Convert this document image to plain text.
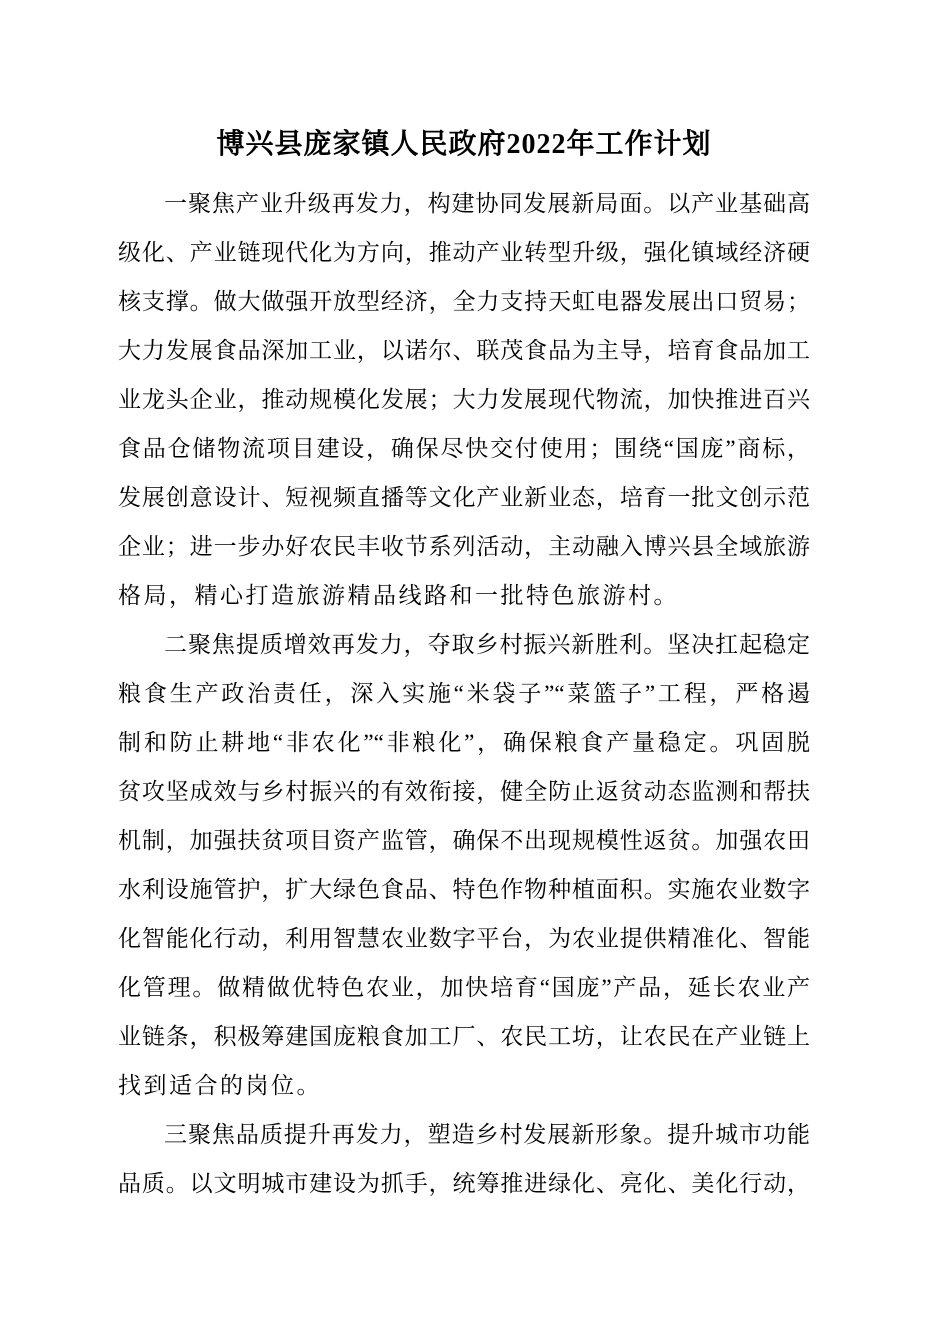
博兴县庞家镇人民政府2022年工作计划
一聚焦产业升级再发力，构建协同发展新局面。以产业基础高
级化、产业链现代化为方向，推动产业转型升级，强化镇域经济硬
核支撑。做大做强开放型经济，全力支持天虹电器发展出口贸易；
大力发展食品深加工业，以诺尔、联茂食品为主导，培育食品加工
业龙头企业，推动规模化发展；大力发展现代物流，加快推进百兴
食品仓储物流项目建设，确保尽快交付使用；围绕“国庞”商标，
发展创意设计、短视频直播等文化产业新业态，培育一批文创示范
企业；进一步办好农民丰收节系列活动，主动融入博兴县全域旅游
格局，精心打造旅游精品线路和一批特色旅游村。
二聚焦提质增效再发力，夺取乡村振兴新胜利。坚决扛起稳定
粮食生产政治责任，深入实施“米袋子”“菜篮子”工程，严格遏
制和防止耕地“非农化”“非粮化”，确保粮食产量稳定。巩固脱
贫攻坚成效与乡村振兴的有效衔接，健全防止返贫动态监测和帮扶
机制，加强扶贫项目资产监管，确保不出现规模性返贫。加强农田
水利设施管护，扩大绿色食品、特色作物种植面积。实施农业数字
化智能化行动，利用智慧农业数字平台，为农业提供精准化、智能
化管理。做精做优特色农业，加快培育“国庞”产品，延长农业产
业链条，积极筹建国庞粮食加工厂、农民工坊，让农民在产业链上
找到适合的岗位。
三聚焦品质提升再发力，塑造乡村发展新形象。提升城市功能
品质。以文明城市建设为抓手，统筹推进绿化、亮化、美化行动，
